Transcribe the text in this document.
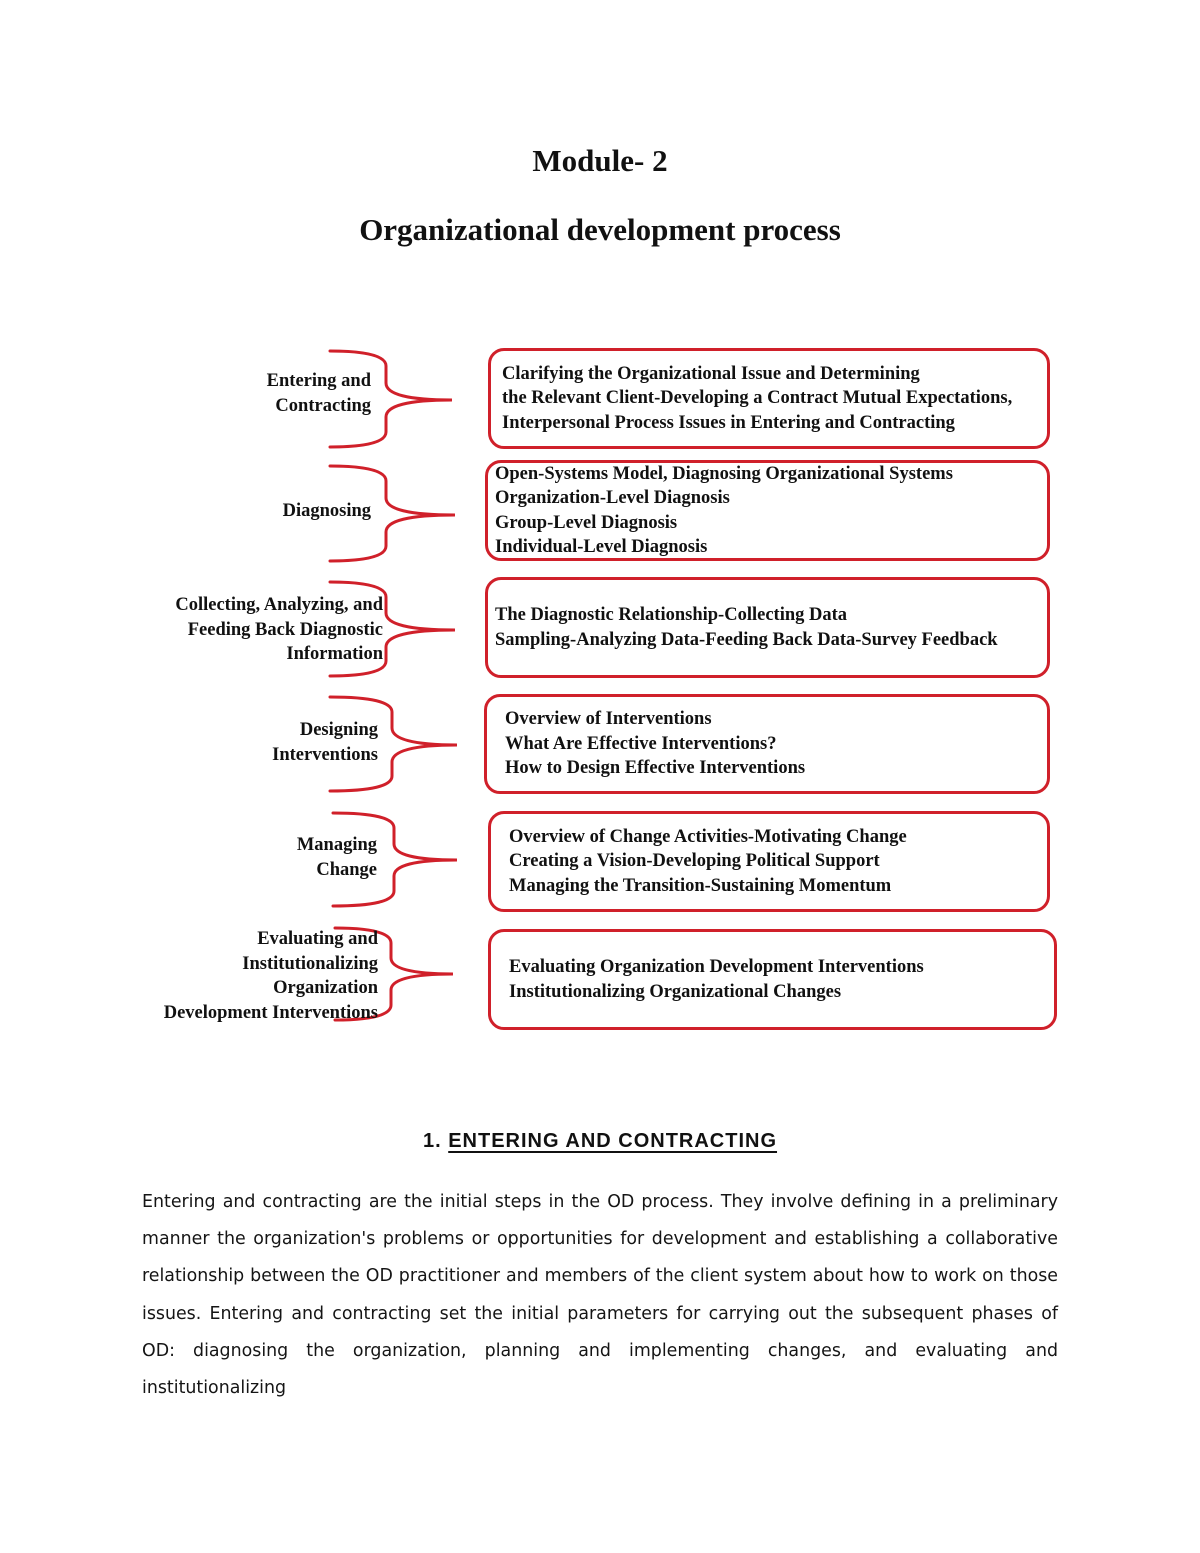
Module- 2
Organizational development process
Entering and
Contracting
Diagnosing
Collecting, Analyzing, and
Feeding Back Diagnostic
Information
Designing
Interventions
Managing
Change
Evaluating and
Institutionalizing
Organization
Development Interventions
Clarifying the Organizational Issue and Determining
the Relevant Client-Developing a Contract Mutual Expectations,
Interpersonal Process Issues in Entering and Contracting
Open-Systems Model, Diagnosing Organizational Systems
Organization-Level Diagnosis
Group-Level Diagnosis
Individual-Level Diagnosis
The Diagnostic Relationship-Collecting Data
Sampling-Analyzing Data-Feeding Back Data-Survey Feedback
Overview of Interventions
What Are Effective Interventions?
How to Design Effective Interventions
Overview of Change Activities-Motivating Change
Creating a Vision-Developing Political Support
Managing the Transition-Sustaining Momentum
Evaluating Organization Development Interventions
Institutionalizing Organizational Changes
1. ENTERING AND CONTRACTING
Entering and contracting are the initial steps in the OD process. They involve defining in a preliminary manner the organization's problems or opportunities for development and establishing a collaborative relationship between the OD practitioner and members of the client system about how to work on those issues. Entering and contracting set the initial parameters for carrying out the subsequent phases of OD: diagnosing the organization, planning and implementing changes, and evaluating and institutionalizing
